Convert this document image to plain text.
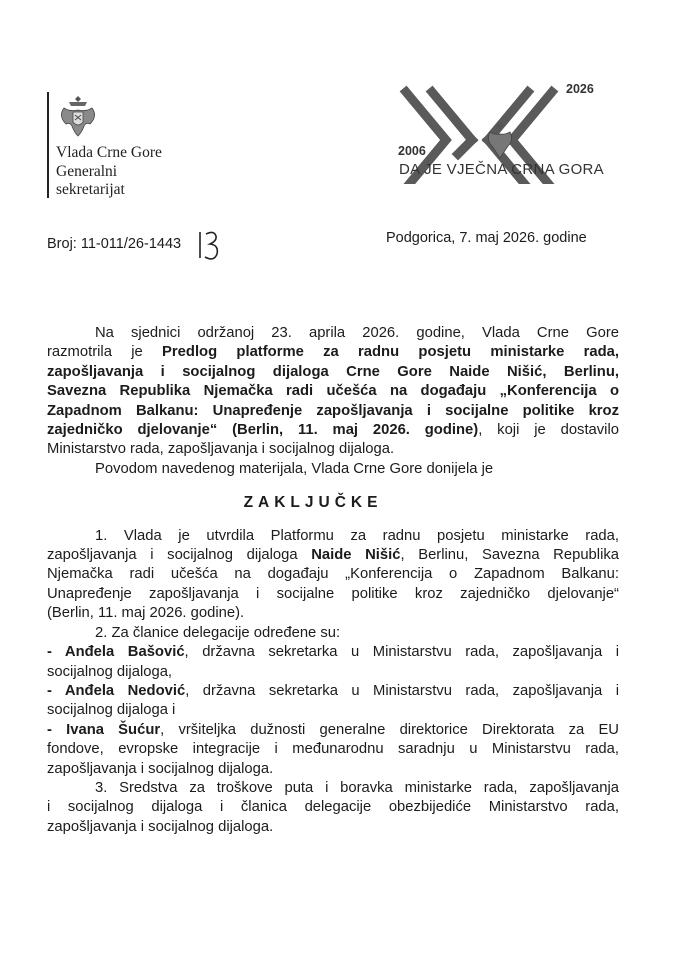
Vlada Crne Gore
Generalni
sekretarijat
2026
2006
DA JE VJEČNA CRNA GORA
Broj: 11-011/26-1443	Podgorica, 7. maj 2026. godine

Na sjednici održanoj 23. aprila 2026. godine, Vlada Crne Gore
razmotrila je Predlog platforme za radnu posjetu ministarke rada,
zapošljavanja i socijalnog dijaloga Crne Gore Naide Nišić, Berlinu,
Savezna Republika Njemačka radi učešća na događaju „Konferencija o
Zapadnom Balkanu: Unapređenje zapošljavanja i socijalne politike kroz
zajedničko djelovanje“ (Berlin, 11. maj 2026. godine), koji je dostavilo
Ministarstvo rada, zapošljavanja i socijalnog dijaloga.

Povodom navedenog materijala, Vlada Crne Gore donijela je

ZAKLJUČKE

1. Vlada je utvrdila Platformu za radnu posjetu ministarke rada,
zapošljavanja i socijalnog dijaloga Naide Nišić, Berlinu, Savezna Republika
Njemačka radi učešća na događaju „Konferencija o Zapadnom Balkanu:
Unapređenje zapošljavanja i socijalne politike kroz zajedničko djelovanje“
(Berlin, 11. maj 2026. godine).

2. Za članice delegacije određene su:
- Anđela Bašović, državna sekretarka u Ministarstvu rada, zapošljavanja i
socijalnog dijaloga,
- Anđela Nedović, državna sekretarka u Ministarstvu rada, zapošljavanja i
socijalnog dijaloga i
- Ivana Šućur, vršiteljka dužnosti generalne direktorice Direktorata za EU
fondove, evropske integracije i međunarodnu saradnju u Ministarstvu rada,
zapošljavanja i socijalnog dijaloga.

3. Sredstva za troškove puta i boravka ministarke rada, zapošljavanja
i socijalnog dijaloga i članica delegacije obezbijediće Ministarstvo rada,
zapošljavanja i socijalnog dijaloga.
